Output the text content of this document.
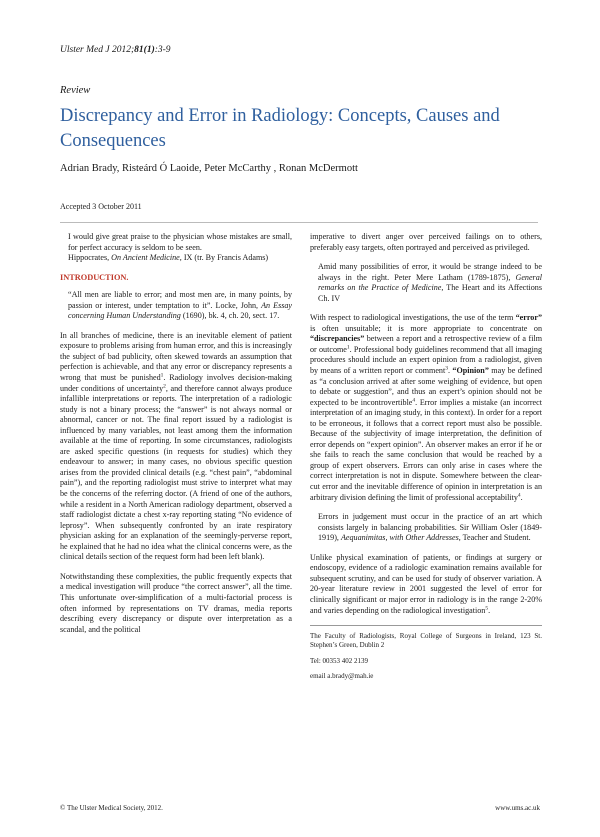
Ulster Med J 2012;81(1):3-9
Review
Discrepancy and Error in Radiology: Concepts, Causes and Consequences
Adrian Brady, Risteárd Ó Laoide, Peter McCarthy , Ronan McDermott
Accepted 3 October 2011

I would give great praise to the physician whose mistakes are small, for perfect accuracy is seldom to be seen.
Hippocrates, On Ancient Medicine, IX (tr. By Francis Adams)

INTRODUCTION.

“All men are liable to error; and most men are, in many points, by passion or interest, under temptation to it”. Locke, John, An Essay concerning Human Understanding (1690), bk. 4, ch. 20, sect. 17.

In all branches of medicine, there is an inevitable element of patient exposure to problems arising from human error, and this is increasingly the subject of bad publicity, often skewed towards an assumption that perfection is achievable, and that any error or discrepancy represents a wrong that must be punished$^1$. Radiology involves decision-making under conditions of uncertainty$^2$, and therefore cannot always produce infallible interpretations or reports. The interpretation of a radiologic study is not a binary process; the “answer” is not always normal or abnormal, cancer or not. The final report issued by a radiologist is influenced by many variables, not least among them the information available at the time of reporting. In some circumstances, radiologists are asked specific questions (in requests for studies) which they endeavour to answer; in many cases, no obvious specific question arises from the provided clinical details (e.g. “chest pain”, “abdominal pain”), and the reporting radiologist must strive to interpret what may be the concerns of the referring doctor. (A friend of one of the authors, while a resident in a North American radiology department, observed a staff radiologist dictate a chest x-ray reporting stating “No evidence of leprosy”. When subsequently confronted by an irate respiratory physician asking for an explanation of the seemingly-perverse report, he explained that he had no idea what the clinical concerns were, as the clinical details section of the request form had been left blank).

Notwithstanding these complexities, the public frequently expects that a medical investigation will produce “the correct answer”, all the time. This unfortunate over-simplification of a multi-factorial process is often informed by representations on TV dramas, media reports describing every discrepancy or dispute over interpretation as a scandal, and the political

imperative to divert anger over perceived failings on to others, preferably easy targets, often portrayed and perceived as privileged.

Amid many possibilities of error, it would be strange indeed to be always in the right. Peter Mere Latham (1789-1875), General remarks on the Practice of Medicine, The Heart and its Affections Ch. IV

With respect to radiological investigations, the use of the term “error” is often unsuitable; it is more appropriate to concentrate on “discrepancies” between a report and a retrospective review of a film or outcome$^1$. Professional body guidelines recommend that all imaging procedures should include an expert opinion from a radiologist, given by means of a written report or comment$^3$. “Opinion” may be defined as “a conclusion arrived at after some weighing of evidence, but open to debate or suggestion”, and thus an expert’s opinion should not be expected to be incontrovertible$^4$. Error implies a mistake (an incorrect interpretation of an imaging study, in this context). In order for a report to be erroneous, it follows that a correct report must also be possible. Because of the subjectivity of image interpretation, the definition of error depends on “expert opinion”. An observer makes an error if he or she fails to reach the same conclusion that would be reached by a group of expert observers. Errors can only arise in cases where the correct interpretation is not in dispute. Somewhere between the clear-cut error and the inevitable difference of opinion in interpretation is an arbitrary division defining the limit of professional acceptability$^4$.

Errors in judgement must occur in the practice of an art which consists largely in balancing probabilities. Sir William Osler (1849-1919), Aequanimitas, with Other Addresses, Teacher and Student.

Unlike physical examination of patients, or findings at surgery or endoscopy, evidence of a radiologic examination remains available for subsequent scrutiny, and can be used for study of observer variation. A 20-year literature review in 2001 suggested the level of error for clinically significant or major error in radiology is in the range 2-20% and varies depending on the radiological investigation$^5$.

The Faculty of Radiologists, Royal College of Surgeons in Ireland, 123 St. Stephen’s Green, Dublin 2

Tel: 00353 402 2139

email a.brady@mah.ie

© The Ulster Medical Society, 2012.	www.ums.ac.uk
